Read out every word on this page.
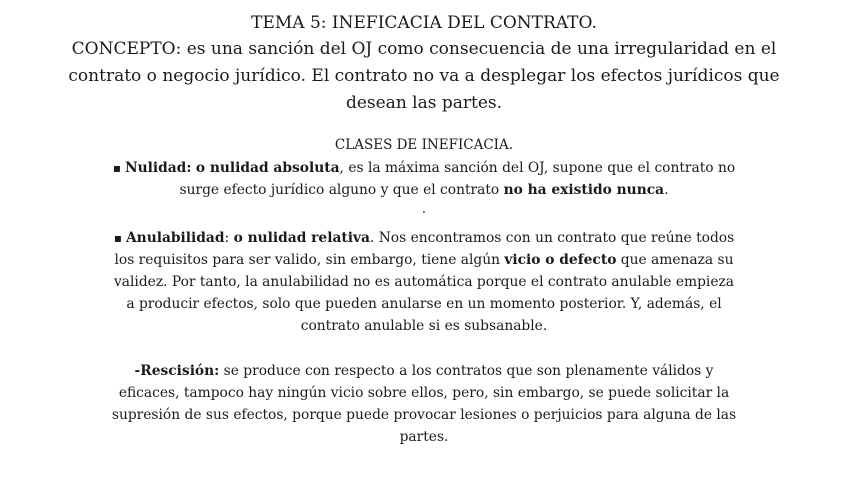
TEMA 5: INEFICACIA DEL CONTRATO.
CONCEPTO: es una sanción del OJ como consecuencia de una irregularidad en el contrato o negocio jurídico. El contrato no va a desplegar los efectos jurídicos que desean las partes.
CLASES DE INEFICACIA.
▪ Nulidad: o nulidad absoluta, es la máxima sanción del OJ, supone que el contrato no surge efecto jurídico alguno y que el contrato no ha existido nunca.
.
▪ Anulabilidad: o nulidad relativa. Nos encontramos con un contrato que reúne todos los requisitos para ser valido, sin embargo, tiene algún vicio o defecto que amenaza su validez. Por tanto, la anulabilidad no es automática porque el contrato anulable empieza a producir efectos, solo que pueden anularse en un momento posterior. Y, además, el contrato anulable si es subsanable.
-Rescisión: se produce con respecto a los contratos que son plenamente válidos y eficaces, tampoco hay ningún vicio sobre ellos, pero, sin embargo, se puede solicitar la supresión de sus efectos, porque puede provocar lesiones o perjuicios para alguna de las partes.
